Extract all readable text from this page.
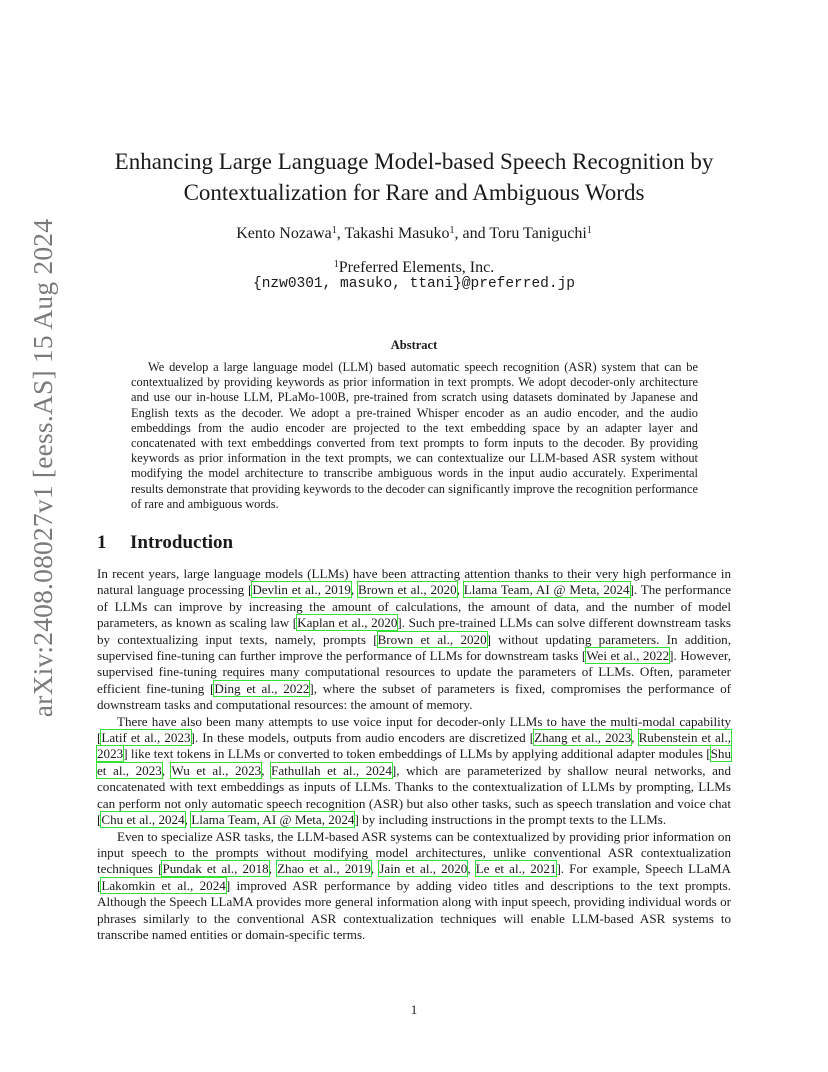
arXiv:2408.08027v1 [eess.AS] 15 Aug 2024
Enhancing Large Language Model-based Speech Recognition by Contextualization for Rare and Ambiguous Words
Kento Nozawa$^1$, Takashi Masuko$^1$, and Toru Taniguchi$^1$
$^1$Preferred Elements, Inc.
{nzw0301, masuko, ttani}@preferred.jp
Abstract

We develop a large language model (LLM) based automatic speech recognition (ASR) system that can be contextualized by providing keywords as prior information in text prompts. We adopt decoder-only architecture and use our in-house LLM, PLaMo-100B, pre-trained from scratch using datasets dominated by Japanese and English texts as the decoder. We adopt a pre-trained Whisper encoder as an audio encoder, and the audio embeddings from the audio encoder are projected to the text embedding space by an adapter layer and concatenated with text embeddings converted from text prompts to form inputs to the decoder. By providing keywords as prior information in the text prompts, we can contextualize our LLM-based ASR system without modifying the model architecture to transcribe ambiguous words in the input audio accurately. Experimental results demonstrate that providing keywords to the decoder can significantly improve the recognition performance of rare and ambiguous words.

1 Introduction

In recent years, large language models (LLMs) have been attracting attention thanks to their very high performance in natural language processing [Devlin et al., 2019, Brown et al., 2020, Llama Team, AI @ Meta, 2024]. The performance of LLMs can improve by increasing the amount of calculations, the amount of data, and the number of model parameters, as known as scaling law [Kaplan et al., 2020]. Such pre-trained LLMs can solve different downstream tasks by contextualizing input texts, namely, prompts [Brown et al., 2020] without updating parameters. In addition, supervised fine-tuning can further improve the performance of LLMs for downstream tasks [Wei et al., 2022]. However, supervised fine-tuning requires many computational resources to update the parameters of LLMs. Often, parameter efficient fine-tuning [Ding et al., 2022], where the subset of parameters is fixed, compromises the performance of downstream tasks and computational resources: the amount of memory.

There have also been many attempts to use voice input for decoder-only LLMs to have the multi-modal capability [Latif et al., 2023]. In these models, outputs from audio encoders are discretized [Zhang et al., 2023, Rubenstein et al., 2023] like text tokens in LLMs or converted to token embeddings of LLMs by applying additional adapter modules [Shu et al., 2023, Wu et al., 2023, Fathullah et al., 2024], which are parameterized by shallow neural networks, and concatenated with text embeddings as inputs of LLMs. Thanks to the contextualization of LLMs by prompting, LLMs can perform not only automatic speech recognition (ASR) but also other tasks, such as speech translation and voice chat [Chu et al., 2024, Llama Team, AI @ Meta, 2024] by including instructions in the prompt texts to the LLMs.

Even to specialize ASR tasks, the LLM-based ASR systems can be contextualized by providing prior information on input speech to the prompts without modifying model architectures, unlike conventional ASR contextualization techniques [Pundak et al., 2018, Zhao et al., 2019, Jain et al., 2020, Le et al., 2021]. For example, Speech LLaMA [Lakomkin et al., 2024] improved ASR performance by adding video titles and descriptions to the text prompts. Although the Speech LLaMA provides more general information along with input speech, providing individual words or phrases similarly to the conventional ASR contextualization techniques will enable LLM-based ASR systems to transcribe named entities or domain-specific terms.

1
